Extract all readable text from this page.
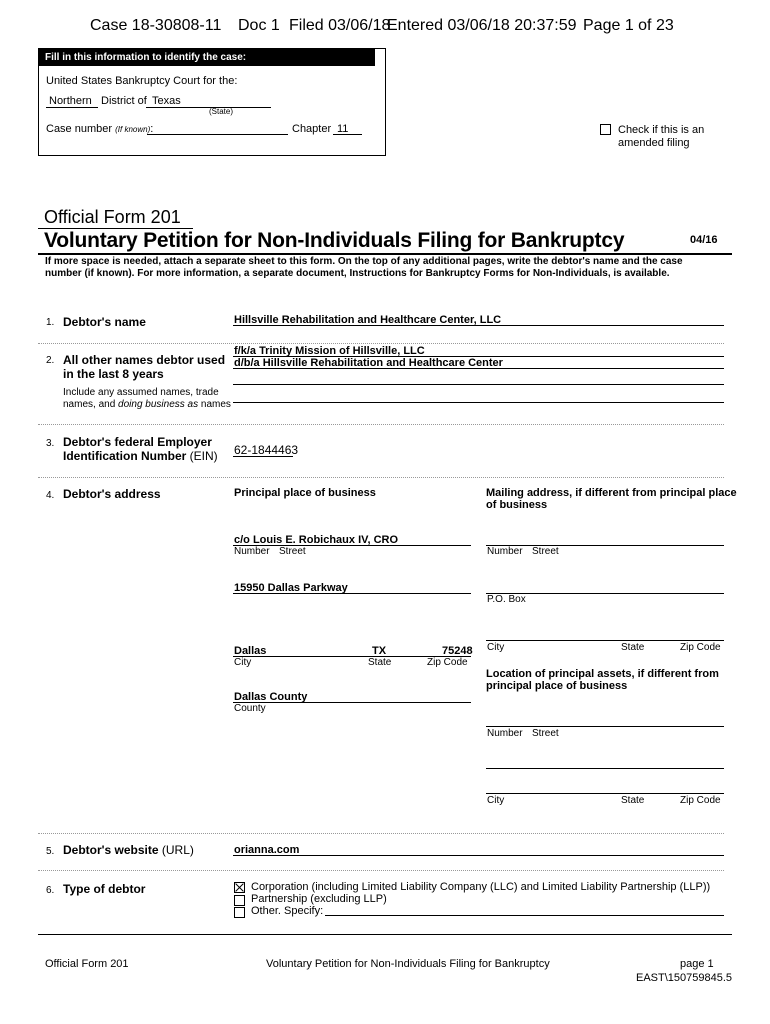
Case 18-30808-11 Doc 1 Filed 03/06/18
Entered 03/06/18 20:37:59 Page 1 of 23
Fill in this information to identify the case:
United States Bankruptcy Court for the:
Northern District of Texas
(State)
Case number (If known):	Chapter 11	Check if this is an
amended filing
Official Form 201
Voluntary Petition for Non-Individuals Filing for Bankruptcy	04/16
If more space is needed, attach a separate sheet to this form. On the top of any additional pages, write the debtor's name and the case
number (if known). For more information, a separate document, Instructions for Bankruptcy Forms for Non-Individuals, is available.
1. Debtor's name	Hillsville Rehabilitation and Healthcare Center, LLC
2. All other names debtor used
in the last 8 years
Include any assumed names, trade
names, and doing business as names
f/k/a Trinity Mission of Hillsville, LLC
d/b/a Hillsville Rehabilitation and Healthcare Center
3. Debtor's federal Employer
Identification Number (EIN) 62-1844463
4. Debtor's address	Principal place of business	Mailing address, if different from principal place
of business
c/o Louis E. Robichaux IV, CRO
Number Street	Number Street
15950 Dallas Parkway
P.O. Box
Dallas	TX	75248
City	State	Zip Code
City	State	Zip Code
Location of principal assets, if different from
principal place of business
Dallas County
County
Number Street
City	State	Zip Code
5. Debtor's website (URL)	orianna.com
6. Type of debtor	Corporation (including Limited Liability Company (LLC) and Limited Liability Partnership (LLP))
Partnership (excluding LLP)
Other. Specify:
Official Form 201	Voluntary Petition for Non-Individuals Filing for Bankruptcy	page 1
EAST\150759845.5
